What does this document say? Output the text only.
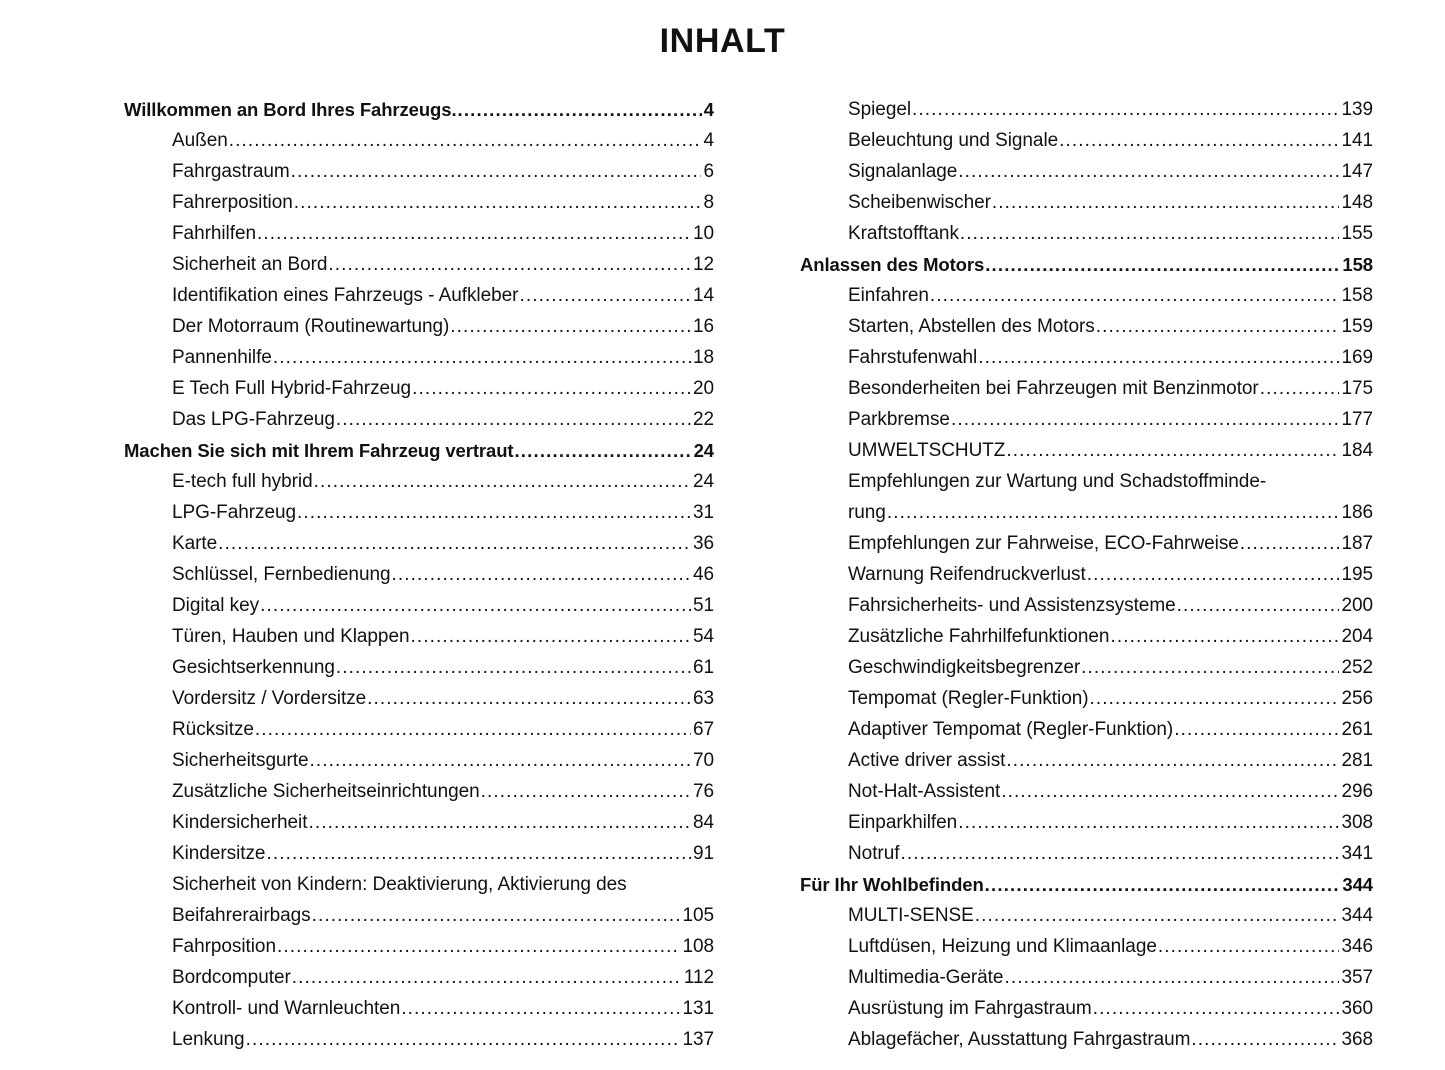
INHALT
Willkommen an Bord Ihres Fahrzeugs. .....	4
Außen .....	4
Fahrgastraum .....	6
Fahrerposition .....	8
Fahrhilfen .....	10
Sicherheit an Bord .....	12
Identifikation eines Fahrzeugs - Aufkleber .....	14
Der Motorraum (Routinewartung) .....	16
Pannenhilfe .....	18
E Tech Full Hybrid-Fahrzeug .....	20
Das LPG-Fahrzeug .....	22
Machen Sie sich mit Ihrem Fahrzeug vertraut .....	24
E-tech full hybrid .....	24
LPG-Fahrzeug .....	31
Karte .....	36
Schlüssel, Fernbedienung .....	46
Digital key .....	51
Türen, Hauben und Klappen .....	54
Gesichtserkennung .....	61
Vordersitz / Vordersitze .....	63
Rücksitze .....	67
Sicherheitsgurte .....	70
Zusätzliche Sicherheitseinrichtungen .....	76
Kindersicherheit .....	84
Kindersitze .....	91
Sicherheit von Kindern: Deaktivierung, Aktivierung des
Beifahrerairbags .....	105
Fahrposition .....	108
Bordcomputer .....	112
Kontroll- und Warnleuchten .....	131
Lenkung .....	137
Spiegel .....	139
Beleuchtung und Signale .....	141
Signalanlage .....	147
Scheibenwischer .....	148
Kraftstofftank .....	155
Anlassen des Motors .....	158
Einfahren .....	158
Starten, Abstellen des Motors .....	159
Fahrstufenwahl .....	169
Besonderheiten bei Fahrzeugen mit Benzinmotor .....	175
Parkbremse .....	177
UMWELTSCHUTZ .....	184
Empfehlungen zur Wartung und Schadstoffminde-
rung .....	186
Empfehlungen zur Fahrweise, ECO-Fahrweise .....	187
Warnung Reifendruckverlust .....	195
Fahrsicherheits- und Assistenzsysteme .....	200
Zusätzliche Fahrhilfefunktionen .....	204
Geschwindigkeitsbegrenzer .....	252
Tempomat (Regler-Funktion) .....	256
Adaptiver Tempomat (Regler-Funktion) .....	261
Active driver assist .....	281
Not-Halt-Assistent .....	296
Einparkhilfen .....	308
Notruf .....	341
Für Ihr Wohlbefinden .....	344
MULTI-SENSE .....	344
Luftdüsen, Heizung und Klimaanlage .....	346
Multimedia-Geräte .....	357
Ausrüstung im Fahrgastraum .....	360
Ablagefächer, Ausstattung Fahrgastraum .....	368
